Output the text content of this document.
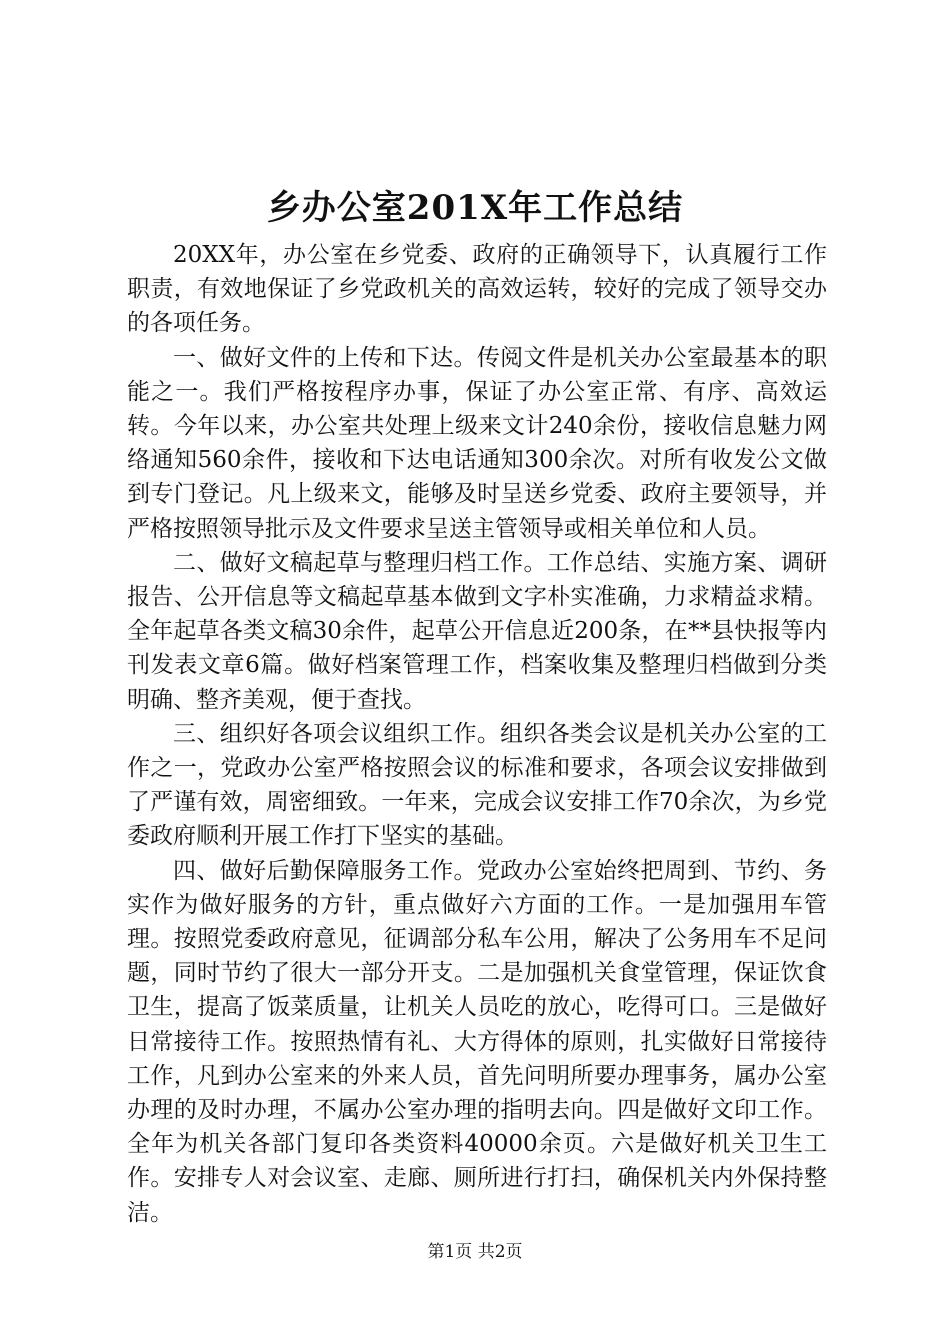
乡办公室201X年工作总结

20XX年，办公室在乡党委、政府的正确领导下，认真履行工作职责，有效地保证了乡党政机关的高效运转，较好的完成了领导交办的各项任务。

一、做好文件的上传和下达。传阅文件是机关办公室最基本的职能之一。我们严格按程序办事，保证了办公室正常、有序、高效运转。今年以来，办公室共处理上级来文计240余份，接收信息魅力网络通知560余件，接收和下达电话通知300余次。对所有收发公文做到专门登记。凡上级来文，能够及时呈送乡党委、政府主要领导，并严格按照领导批示及文件要求呈送主管领导或相关单位和人员。

二、做好文稿起草与整理归档工作。工作总结、实施方案、调研报告、公开信息等文稿起草基本做到文字朴实准确，力求精益求精。全年起草各类文稿30余件，起草公开信息近200条，在**县快报等内刊发表文章6篇。做好档案管理工作，档案收集及整理归档做到分类明确、整齐美观，便于查找。

三、组织好各项会议组织工作。组织各类会议是机关办公室的工作之一，党政办公室严格按照会议的标准和要求，各项会议安排做到了严谨有效，周密细致。一年来，完成会议安排工作70余次，为乡党委政府顺利开展工作打下坚实的基础。

四、做好后勤保障服务工作。党政办公室始终把周到、节约、务实作为做好服务的方针，重点做好六方面的工作。一是加强用车管理。按照党委政府意见，征调部分私车公用，解决了公务用车不足问题，同时节约了很大一部分开支。二是加强机关食堂管理，保证饮食卫生，提高了饭菜质量，让机关人员吃的放心，吃得可口。三是做好日常接待工作。按照热情有礼、大方得体的原则，扎实做好日常接待工作，凡到办公室来的外来人员，首先问明所要办理事务，属办公室办理的及时办理，不属办公室办理的指明去向。四是做好文印工作。全年为机关各部门复印各类资料40000余页。六是做好机关卫生工作。安排专人对会议室、走廊、厕所进行打扫，确保机关内外保持整洁。

第1页 共2页
